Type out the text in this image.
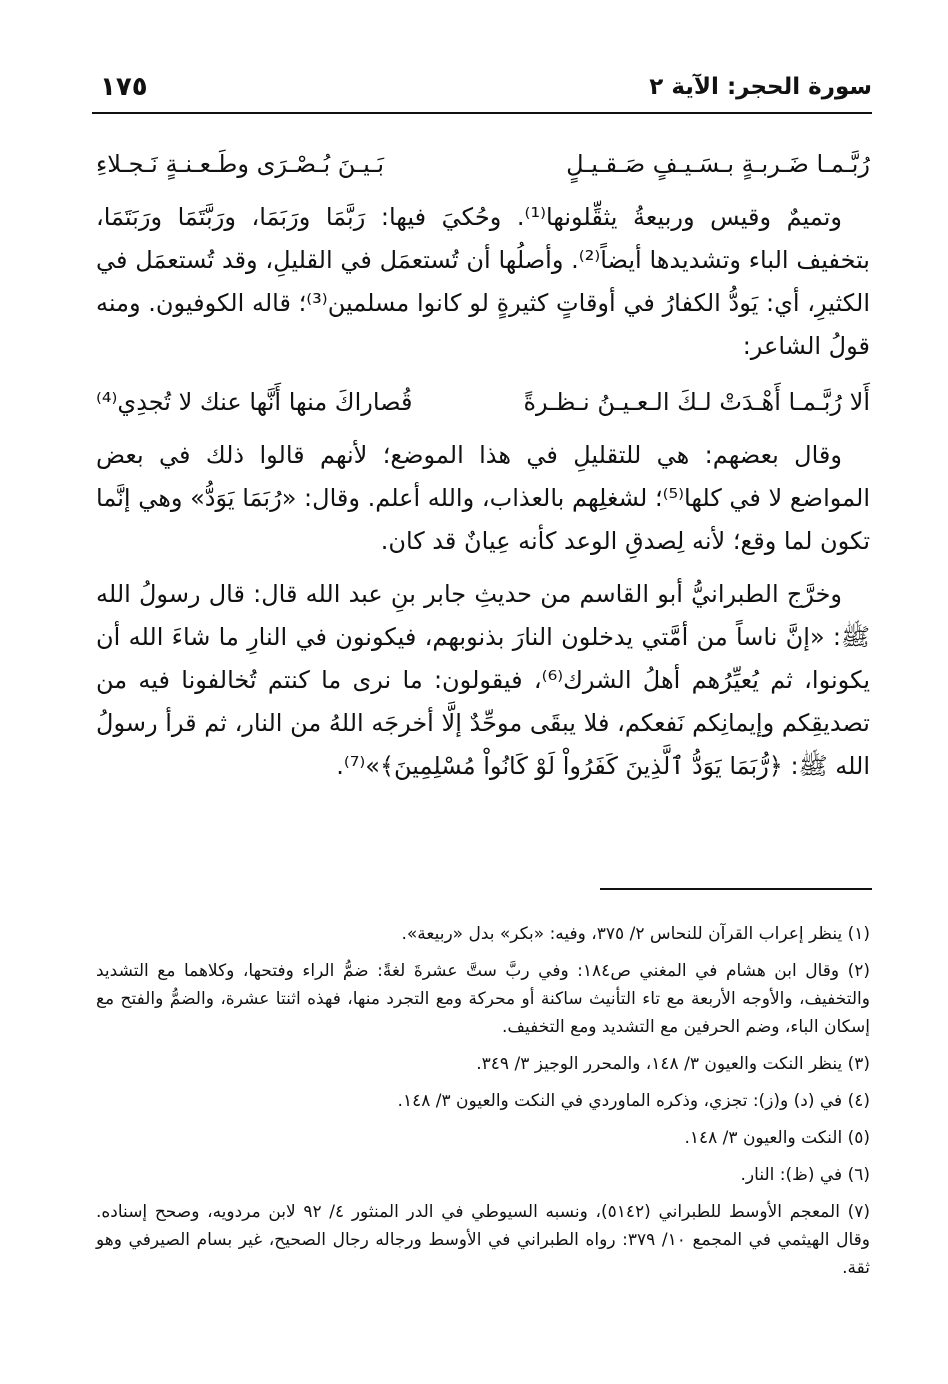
سورة الحجر: الآية ٢
١٧٥
رُبَّـمـا ضَـربـةٍ بـسَـيـفٍ صَـقـيـلٍ
بَـيـنَ بُـصْـرَى وطَـعـنـةٍ نَـجـلاءِ

وتميمٌ وقيس وربيعةُ يثقِّلونها⁽¹⁾. وحُكيَ فيها: رَبَّمَا ورَبَمَا، ورَبَّتَمَا ورَبَتَمَا، بتخفيف الباء وتشديدها أيضاً⁽²⁾. وأصلُها أن تُستعمَل في القليلِ، وقد تُستعمَل في الكثيرِ، أي: يَودُّ الكفارُ في أوقاتٍ كثيرةٍ لو كانوا مسلمين⁽³⁾؛ قاله الكوفيون. ومنه قولُ الشاعر:

أَلا رُبَّـمـا أَهْـدَتْ لـكَ الـعـيـنُ نـظـرةً
قُصاراكَ منها أَنَّها عنك لا تُجدِي⁽⁴⁾

وقال بعضهم: هي للتقليلِ في هذا الموضع؛ لأنهم قالوا ذلك في بعض المواضع لا في كلها⁽⁵⁾؛ لشغلِهم بالعذاب، والله أعلم. وقال: «رُبَمَا يَوَدُّ» وهي إنَّما تكون لما وقع؛ لأنه لِصدقِ الوعد كأنه عِيانٌ قد كان.

وخرَّج الطبرانيُّ أبو القاسم من حديثِ جابر بنِ عبد الله قال: قال رسولُ الله ﷺ: «إنَّ ناساً من أمَّتي يدخلون النارَ بذنوبهم، فيكونون في النارِ ما شاءَ الله أن يكونوا، ثم يُعيِّرُهم أهلُ الشرك⁽⁶⁾، فيقولون: ما نرى ما كنتم تُخالفونا فيه من تصديقِكم وإيمانِكم نَفعكم، فلا يبقَى موحِّدٌ إلَّا أخرجَه اللهُ من النار، ثم قرأ رسولُ الله ﷺ: ﴿رُّبَمَا يَوَدُّ ٱلَّذِينَ كَفَرُواْ لَوْ كَانُواْ مُسْلِمِينَ﴾»⁽⁷⁾.

(١) ينظر إعراب القرآن للنحاس ٢/ ٣٧٥، وفيه: «بكر» بدل «ربيعة».

(٢) وقال ابن هشام في المغني ص١٨٤: وفي ربَّ ستَّ عشرةَ لغةً: ضمُّ الراء وفتحها، وكلاهما مع التشديد والتخفيف، والأوجه الأربعة مع تاء التأنيث ساكنة أو محركة ومع التجرد منها، فهذه اثنتا عشرة، والضمُّ والفتح مع إسكان الباء، وضم الحرفين مع التشديد ومع التخفيف.

(٣) ينظر النكت والعيون ٣/ ١٤٨، والمحرر الوجيز ٣/ ٣٤٩.

(٤) في (د) و(ز): تجزي، وذكره الماوردي في النكت والعيون ٣/ ١٤٨.

(٥) النكت والعيون ٣/ ١٤٨.

(٦) في (ظ): النار.

(٧) المعجم الأوسط للطبراني (٥١٤٢)، ونسبه السيوطي في الدر المنثور ٤/ ٩٢ لابن مردويه، وصحح إسناده. وقال الهيثمي في المجمع ١٠/ ٣٧٩: رواه الطبراني في الأوسط ورجاله رجال الصحيح، غير بسام الصيرفي وهو ثقة.
